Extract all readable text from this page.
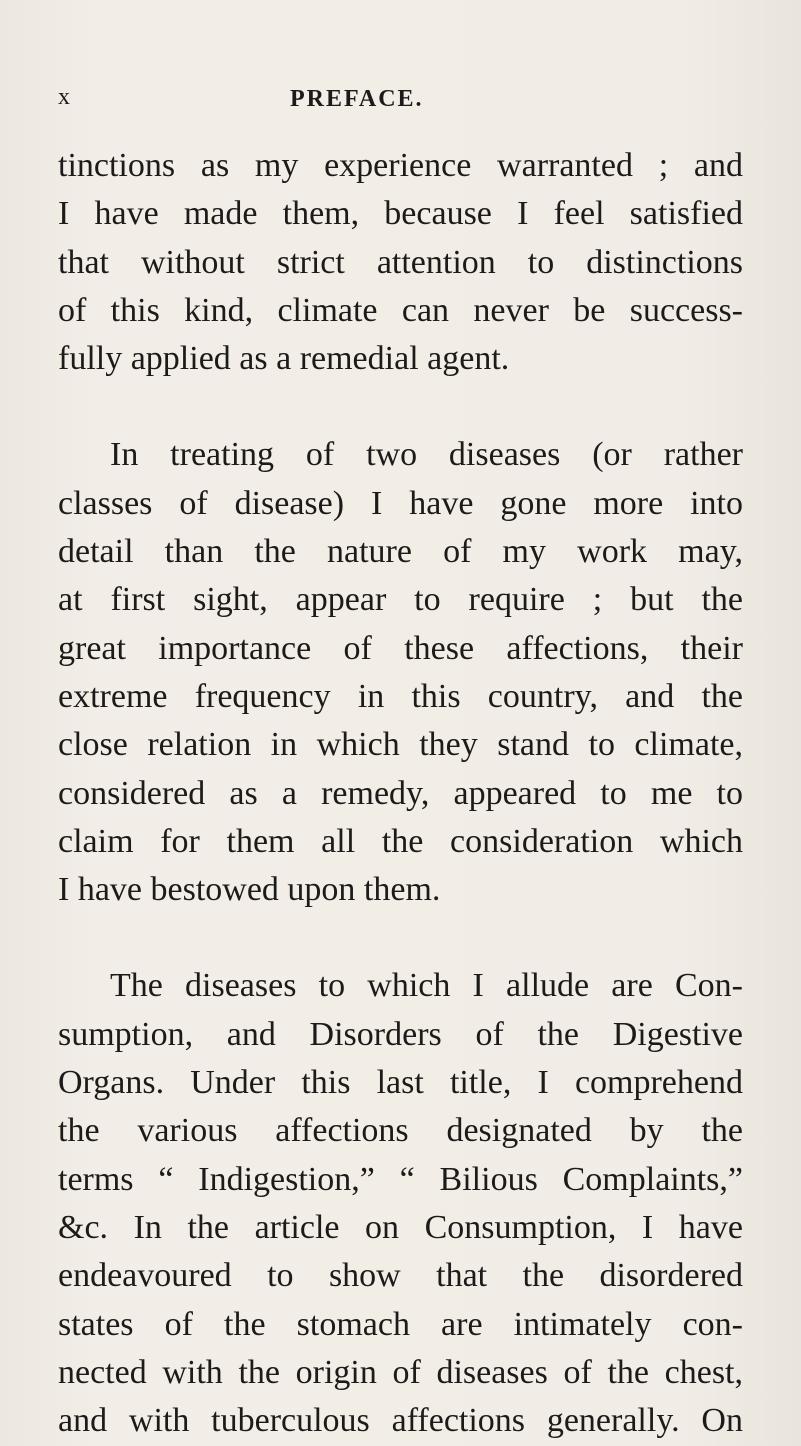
x	PREFACE.
tinctions as my experience warranted ; and
I have made them, because I feel satisfied
that without strict attention to distinctions
of this kind, climate can never be success-
fully applied as a remedial agent.
In treating of two diseases (or rather
classes of disease) I have gone more into
detail than the nature of my work may,
at first sight, appear to require ; but the
great importance of these affections, their
extreme frequency in this country, and the
close relation in which they stand to climate,
considered as a remedy, appeared to me to
claim for them all the consideration which
I have bestowed upon them.
The diseases to which I allude are Con-
sumption, and Disorders of the Digestive
Organs. Under this last title, I comprehend
the various affections designated by the
terms “ Indigestion,” “ Bilious Complaints,”
&c. In the article on Consumption, I have
endeavoured to show that the disordered
states of the stomach are intimately con-
nected with the origin of diseases of the chest,
and with tuberculous affections generally. On
